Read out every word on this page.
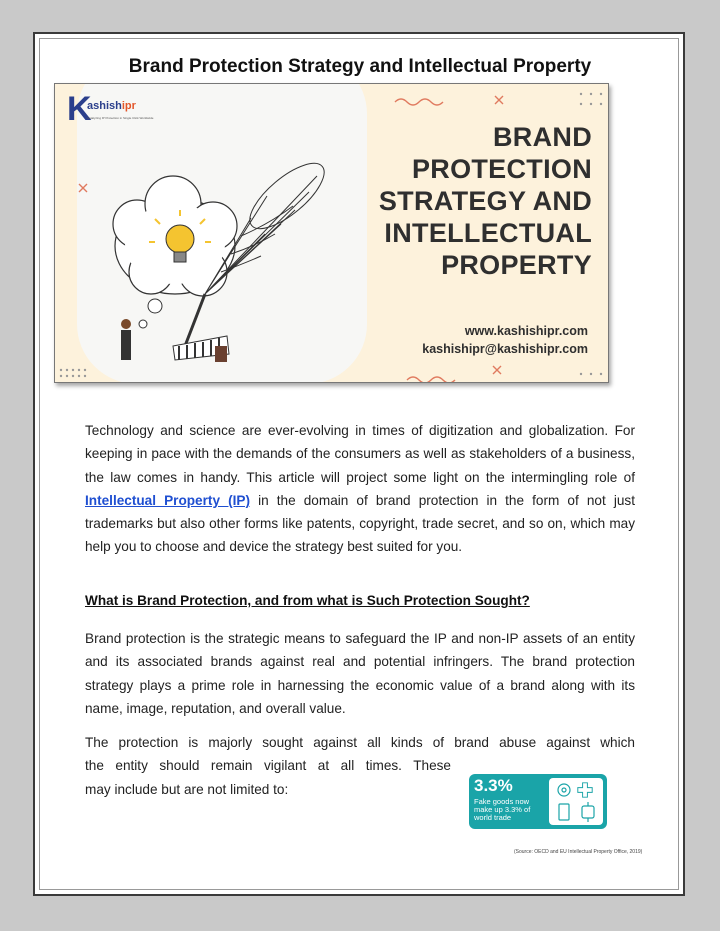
Brand Protection Strategy and Intellectual Property
K
ashishipr
Catalyzing IP Protection in Single Click Worldwide
BRAND
PROTECTION
STRATEGY AND
INTELLECTUAL
PROPERTY
www.kashishipr.com
kashishipr@kashishipr.com

Technology and science are ever-evolving in times of digitization and globalization. For keeping in pace with the demands of the consumers as well as stakeholders of a business, the law comes in handy. This article will project some light on the intermingling role of Intellectual Property (IP) in the domain of brand protection in the form of not just trademarks but also other forms like patents, copyright, trade secret, and so on, which may help you to choose and device the strategy best suited for you.

What is Brand Protection, and from what is Such Protection Sought?

Brand protection is the strategic means to safeguard the IP and non-IP assets of an entity and its associated brands against real and potential infringers. The brand protection strategy plays a prime role in harnessing the economic value of a brand along with its name, image, reputation, and overall value.

The protection is majorly sought against all kinds of brand abuse against which
the entity should remain vigilant at all times. These
may include but are not limited to:	3.3%
Fake goods now make up 3.3% of world trade
(Source: OECD and EU Intellectual Property Office, 2019)
